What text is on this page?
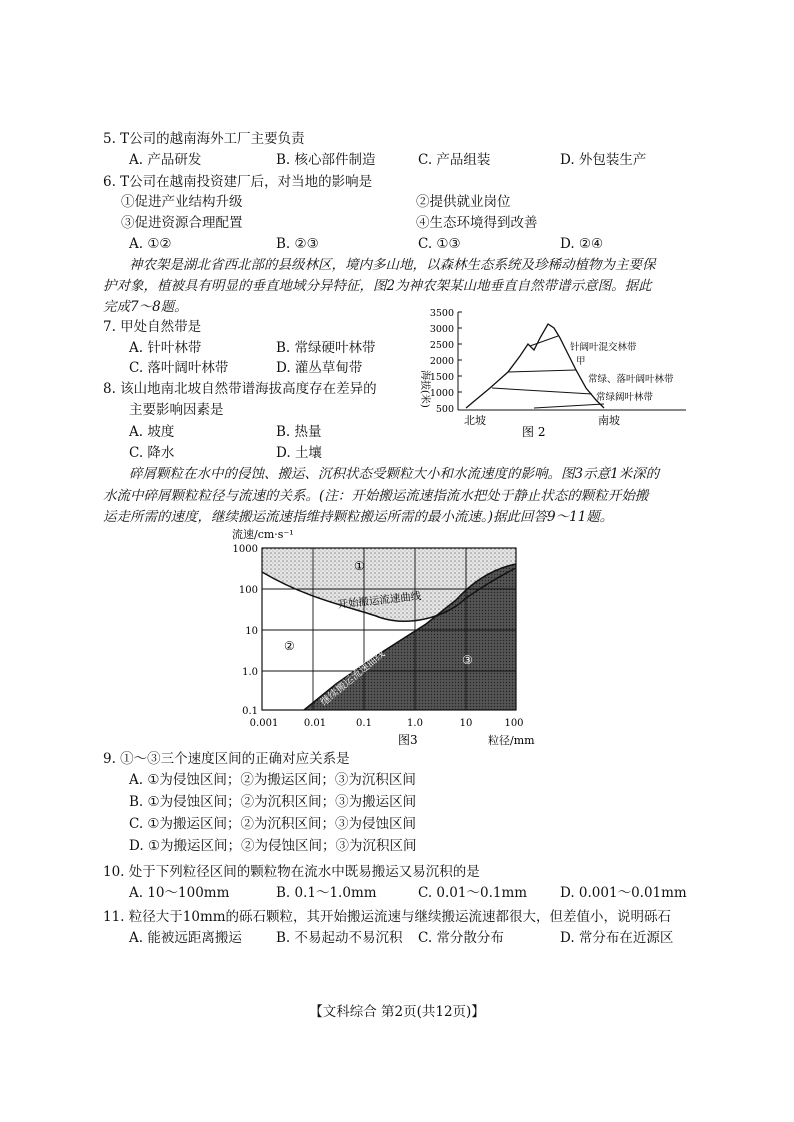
5. T公司的越南海外工厂主要负责
A. 产品研发	B. 核心部件制造	C. 产品组装	D. 外包装生产
6. T公司在越南投资建厂后，对当地的影响是
①促进产业结构升级	②提供就业岗位
③促进资源合理配置	④生态环境得到改善
A. ①②	B. ②③	C. ①③	D. ②④
神农架是湖北省西北部的县级林区，境内多山地，以森林生态系统及珍稀动植物为主要保
护对象，植被具有明显的垂直地域分异特征，图2为神农架某山地垂直自然带谱示意图。据此
完成7～8题。
7. 甲处自然带是
A. 针叶林带	B. 常绿硬叶林带
C. 落叶阔叶林带	D. 灌丛草甸带
8. 该山地南北坡自然带谱海拔高度存在差异的
主要影响因素是
A. 坡度	B. 热量
C. 降水	D. 土壤
海拔(米)
3500
3000
2500
2000
1500
1000
500
针阔叶混交林带
甲
常绿、落叶阔叶林带
常绿阔叶林带
北坡	南坡
图 2
碎屑颗粒在水中的侵蚀、搬运、沉积状态受颗粒大小和水流速度的影响。图3示意1米深的
水流中碎屑颗粒粒径与流速的关系。(注：开始搬运流速指流水把处于静止状态的颗粒开始搬
运走所需的速度，继续搬运流速指维持颗粒搬运所需的最小流速。)据此回答9～11题。
流速/cm·s⁻¹
①
②
③
开始搬运流速曲线
继续搬运流速曲线
1000
100
10
1.0
0.1
0.001	0.01	0.1	1.0	10	100
图3	粒径/mm
9. ①～③三个速度区间的正确对应关系是
A. ①为侵蚀区间；②为搬运区间；③为沉积区间
B. ①为侵蚀区间；②为沉积区间；③为搬运区间
C. ①为搬运区间；②为沉积区间；③为侵蚀区间
D. ①为搬运区间；②为侵蚀区间；③为沉积区间
10. 处于下列粒径区间的颗粒物在流水中既易搬运又易沉积的是
A. 10～100mm	B. 0.1～1.0mm	C. 0.01～0.1mm D. 0.001～0.01mm
11. 粒径大于10mm的砾石颗粒，其开始搬运流速与继续搬运流速都很大，但差值小，说明砾石
A. 能被远距离搬运	B. 不易起动不易沉积 C. 常分散分布	D. 常分布在近源区
【文科综合 第2页(共12页)】
